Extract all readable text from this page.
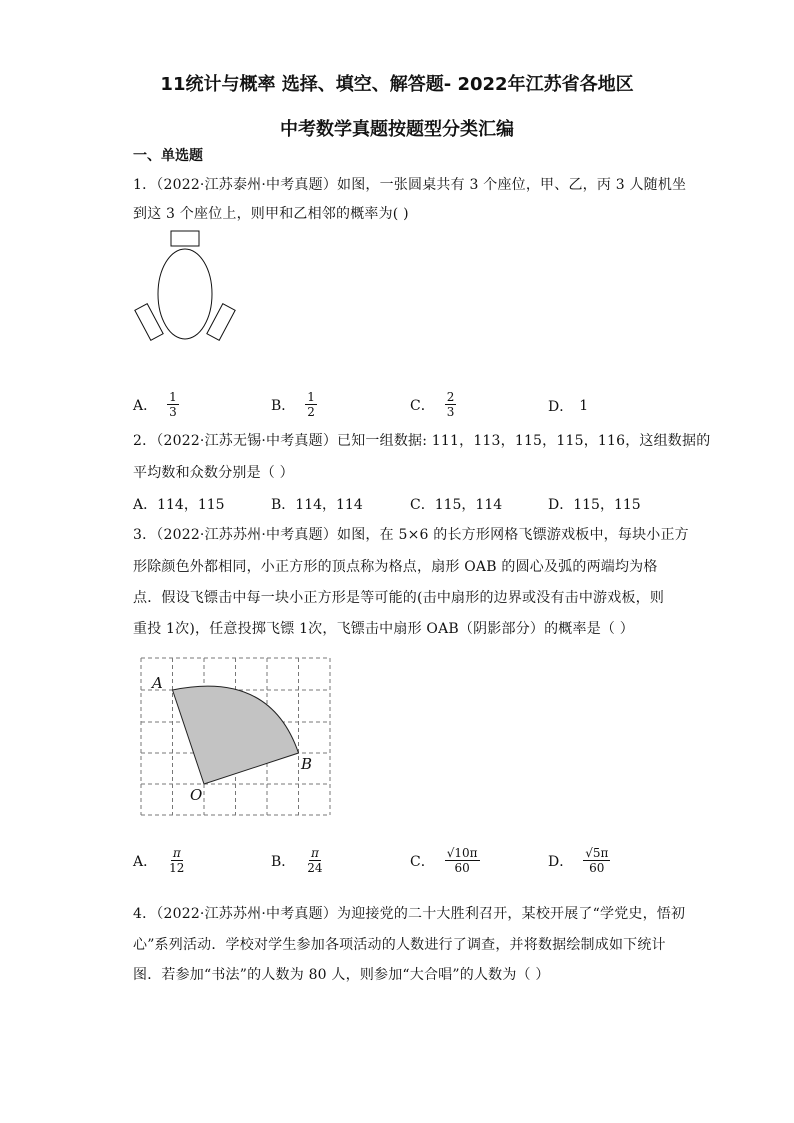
11统计与概率 选择、填空、解答题- 2022年江苏省各地区
中考数学真题按题型分类汇编
一、单选题
1．（2022·江苏泰州·中考真题）如图，一张圆桌共有 3 个座位，甲、乙，丙 3 人随机坐
到这 3 个座位上，则甲和乙相邻的概率为( )
A． $\frac{1}{3}$	B． $\frac{1}{2}$	C． $\frac{2}{3}$	D． 1
2．（2022·江苏无锡·中考真题）已知一组数据: 111，113，115，115，116，这组数据的
平均数和众数分别是（ ）
A．114，115	B．114，114	C．115，114	D．115，115
3．（2022·江苏苏州·中考真题）如图，在 5×6 的长方形网格飞镖游戏板中，每块小正方
形除颜色外都相同，小正方形的顶点称为格点，扇形 OAB 的圆心及弧的两端均为格
点．假设飞镖击中每一块小正方形是等可能的(击中扇形的边界或没有击中游戏板，则
重投 1次)，任意投掷飞镖 1次，飞镖击中扇形 OAB（阴影部分）的概率是（ ）
A
B
O
A． $\frac{\pi}{12}$	B． $\frac{\pi}{24}$	C． $\frac{√10\pi}{60}$	D． $\frac{√5\pi}{60}$
4．（2022·江苏苏州·中考真题）为迎接党的二十大胜利召开，某校开展了“学党史，悟初
心”系列活动．学校对学生参加各项活动的人数进行了调查，并将数据绘制成如下统计
图．若参加“书法”的人数为 80 人，则参加“大合唱”的人数为（ ）
